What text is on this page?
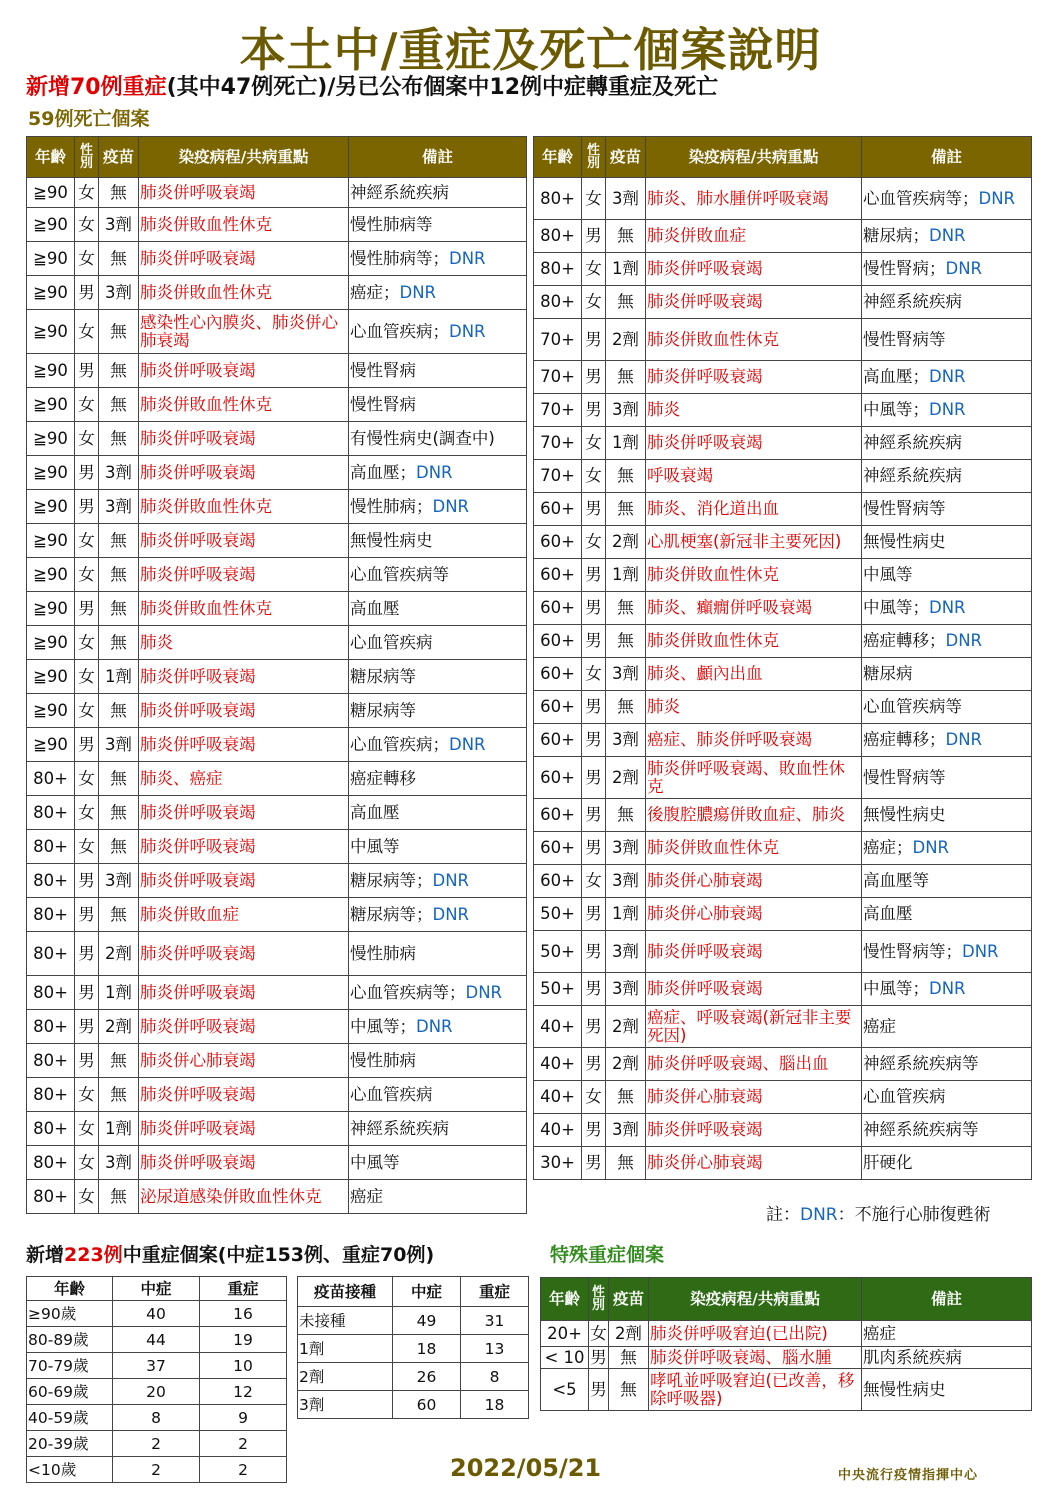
本土中/重症及死亡個案說明
新增70例重症(其中47例死亡)/另已公布個案中12例中症轉重症及死亡
59例死亡個案
年齡	性別	疫苗	染疫病程/共病重點	備註
≧90	女	無	肺炎併呼吸衰竭	神經系統疾病
≧90	女	3劑	肺炎併敗血性休克	慢性肺病等
≧90	女	無	肺炎併呼吸衰竭	慢性肺病等；DNR
≧90	男	3劑	肺炎併敗血性休克	癌症；DNR
≧90	女	無	感染性心內膜炎、肺炎併心肺衰竭	心血管疾病；DNR
≧90	男	無	肺炎併呼吸衰竭	慢性腎病
≧90	女	無	肺炎併敗血性休克	慢性腎病
≧90	女	無	肺炎併呼吸衰竭	有慢性病史(調查中)
≧90	男	3劑	肺炎併呼吸衰竭	高血壓；DNR
≧90	男	3劑	肺炎併敗血性休克	慢性肺病；DNR
≧90	女	無	肺炎併呼吸衰竭	無慢性病史
≧90	女	無	肺炎併呼吸衰竭	心血管疾病等
≧90	男	無	肺炎併敗血性休克	高血壓
≧90	女	無	肺炎	心血管疾病
≧90	女	1劑	肺炎併呼吸衰竭	糖尿病等
≧90	女	無	肺炎併呼吸衰竭	糖尿病等
≧90	男	3劑	肺炎併呼吸衰竭	心血管疾病；DNR
80+	女	無	肺炎、癌症	癌症轉移
80+	女	無	肺炎併呼吸衰竭	高血壓
80+	女	無	肺炎併呼吸衰竭	中風等
80+	男	3劑	肺炎併呼吸衰竭	糖尿病等；DNR
80+	男	無	肺炎併敗血症	糖尿病等；DNR
80+	男	2劑	肺炎併呼吸衰竭	慢性肺病
80+	男	1劑	肺炎併呼吸衰竭	心血管疾病等；DNR
80+	男	2劑	肺炎併呼吸衰竭	中風等；DNR
80+	男	無	肺炎併心肺衰竭	慢性肺病
80+	女	無	肺炎併呼吸衰竭	心血管疾病
80+	女	1劑	肺炎併呼吸衰竭	神經系統疾病
80+	女	3劑	肺炎併呼吸衰竭	中風等
80+	女	無	泌尿道感染併敗血性休克	癌症
年齡	性別	疫苗	染疫病程/共病重點	備註
80+	女	3劑	肺炎、肺水腫併呼吸衰竭	心血管疾病等；DNR
80+	男	無	肺炎併敗血症	糖尿病；DNR
80+	女	1劑	肺炎併呼吸衰竭	慢性腎病；DNR
80+	女	無	肺炎併呼吸衰竭	神經系統疾病
70+	男	2劑	肺炎併敗血性休克	慢性腎病等
70+	男	無	肺炎併呼吸衰竭	高血壓；DNR
70+	男	3劑	肺炎	中風等；DNR
70+	女	1劑	肺炎併呼吸衰竭	神經系統疾病
70+	女	無	呼吸衰竭	神經系統疾病
60+	男	無	肺炎、消化道出血	慢性腎病等
60+	女	2劑	心肌梗塞(新冠非主要死因)	無慢性病史
60+	男	1劑	肺炎併敗血性休克	中風等
60+	男	無	肺炎、癲癇併呼吸衰竭	中風等；DNR
60+	男	無	肺炎併敗血性休克	癌症轉移；DNR
60+	女	3劑	肺炎、顱內出血	糖尿病
60+	男	無	肺炎	心血管疾病等
60+	男	3劑	癌症、肺炎併呼吸衰竭	癌症轉移；DNR
60+	男	2劑	肺炎併呼吸衰竭、敗血性休克	慢性腎病等
60+	男	無	後腹腔膿瘍併敗血症、肺炎	無慢性病史
60+	男	3劑	肺炎併敗血性休克	癌症；DNR
60+	女	3劑	肺炎併心肺衰竭	高血壓等
50+	男	1劑	肺炎併心肺衰竭	高血壓
50+	男	3劑	肺炎併呼吸衰竭	慢性腎病等；DNR
50+	男	3劑	肺炎併呼吸衰竭	中風等；DNR
40+	男	2劑	癌症、呼吸衰竭(新冠非主要死因)	癌症
40+	男	2劑	肺炎併呼吸衰竭、腦出血	神經系統疾病等
40+	女	無	肺炎併心肺衰竭	心血管疾病
40+	男	3劑	肺炎併呼吸衰竭	神經系統疾病等
30+	男	無	肺炎併心肺衰竭	肝硬化
註：DNR：不施行心肺復甦術
新增223例中重症個案(中症153例、重症70例)	特殊重症個案
年齡	中症	重症
≥90歲	40	16
80-89歲	44	19
70-79歲	37	10
60-69歲	20	12
40-59歲	8	9
20-39歲	2	2
<10歲	2	2
疫苗接種	中症	重症
未接種	49	31
1劑	18	13
2劑	26	8
3劑	60	18
年齡	性別	疫苗	染疫病程/共病重點	備註
20+	女	2劑	肺炎併呼吸窘迫(已出院)	癌症
< 10	男	無	肺炎併呼吸衰竭、腦水腫	肌肉系統疾病
<5	男	無	哮吼並呼吸窘迫(已改善，移除呼吸器)	無慢性病史
2022/05/21	中央流行疫情指揮中心
